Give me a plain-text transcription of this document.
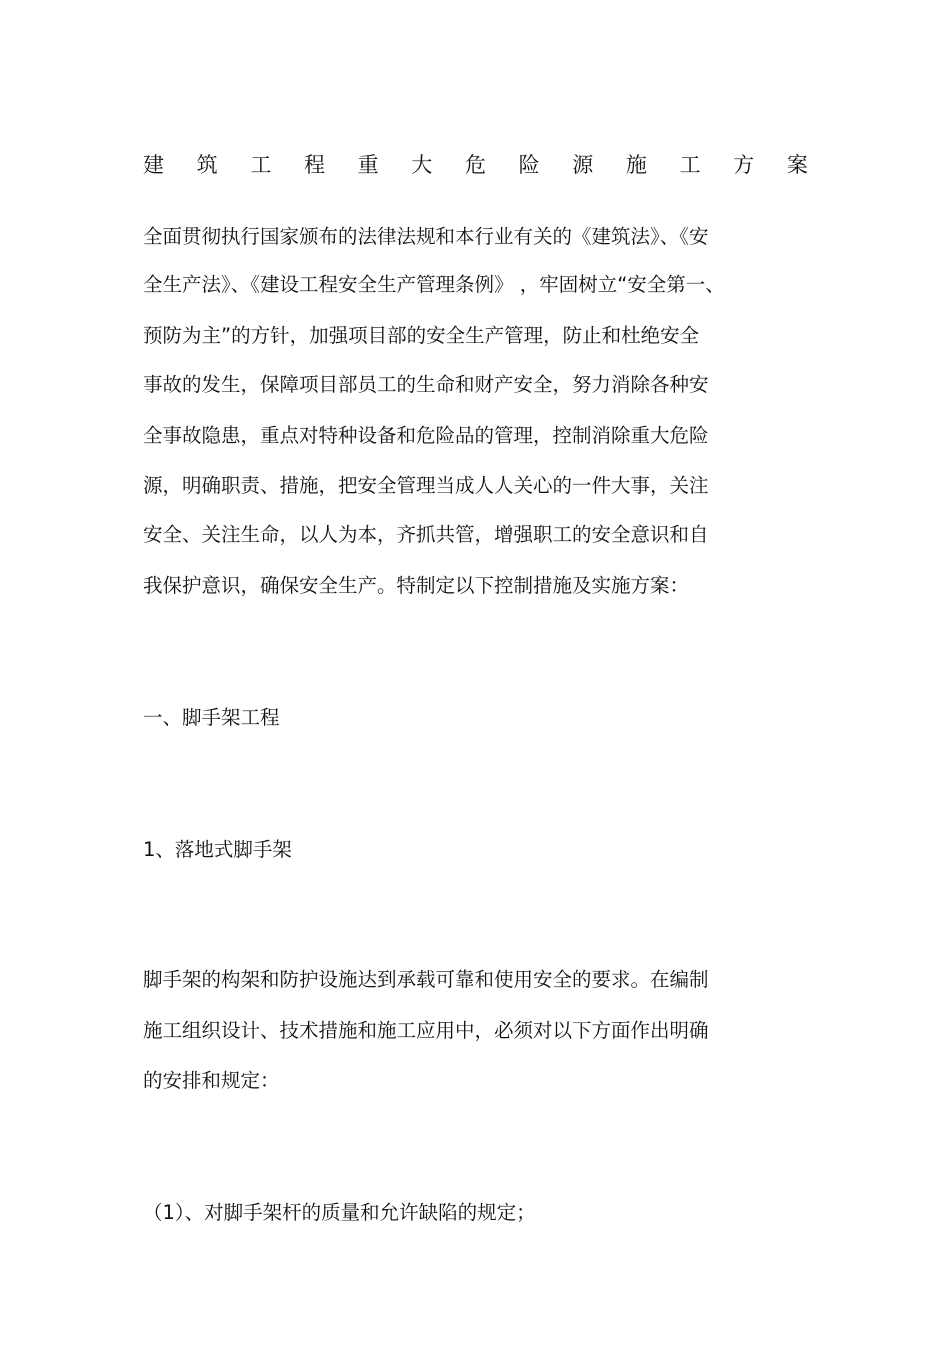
建 筑 工 程 重 大 危 险 源 施 工 方 案
全面贯彻执行国家颁布的法律法规和本行业有关的《建筑法》、《安
全生产法》、《建设工程安全生产管理条例》 ，牢固树立“安全第一、
预防为主”的方针，加强项目部的安全生产管理，防止和杜绝安全
事故的发生，保障项目部员工的生命和财产安全，努力消除各种安
全事故隐患，重点对特种设备和危险品的管理，控制消除重大危险
源，明确职责、措施，把安全管理当成人人关心的一件大事，关注
安全、关注生命，以人为本，齐抓共管，增强职工的安全意识和自
我保护意识，确保安全生产。特制定以下控制措施及实施方案：
一、脚手架工程
1、落地式脚手架
脚手架的构架和防护设施达到承载可靠和使用安全的要求。在编制
施工组织设计、技术措施和施工应用中，必须对以下方面作出明确
的安排和规定：
（1）、对脚手架杆的质量和允许缺陷的规定；
